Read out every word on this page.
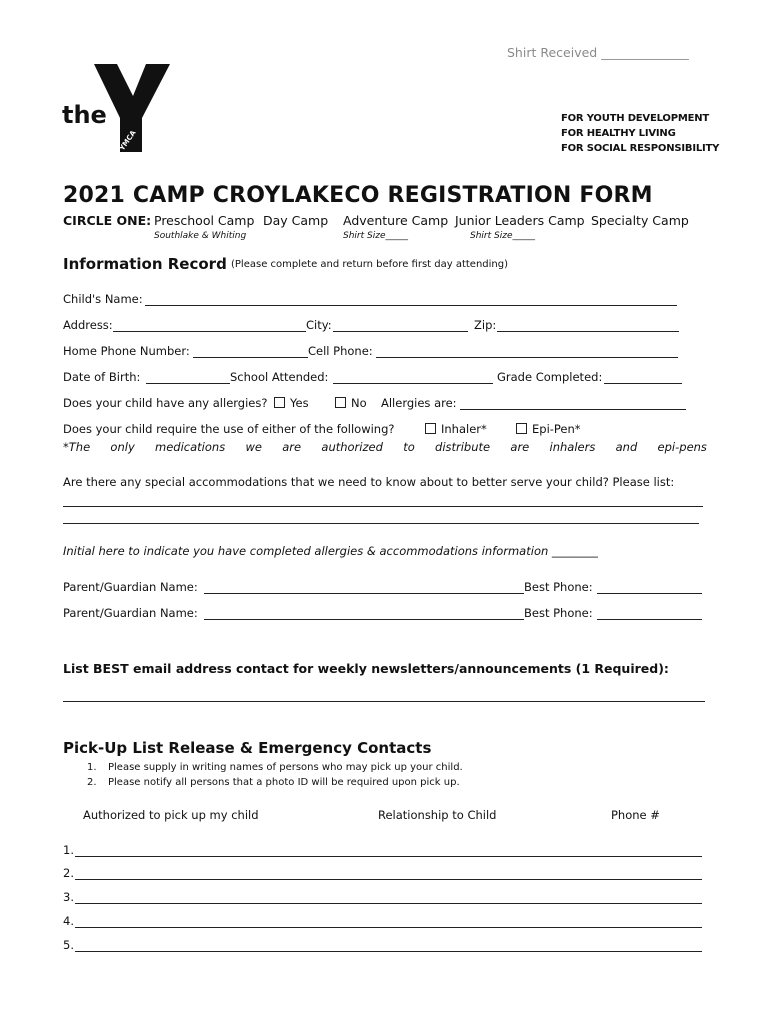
Shirt Received ______________
®
YMCA
the	FOR YOUTH DEVELOPMENT
FOR HEALTHY LIVING
FOR SOCIAL RESPONSIBILITY
2021 CAMP CROYLAKECO REGISTRATION FORM
CIRCLE ONE: Preschool Camp Day Camp Adventure Camp Junior Leaders Camp Specialty Camp
Southlake & Whiting	Shirt Size_____	Shirt Size_____
Information Record (Please complete and return before first day attending)
Child's Name:
Address:	City:	Zip:
Home Phone Number:	Cell Phone:
Date of Birth:	School Attended:	Grade Completed:
Does your child have any allergies?	Yes	No Allergies are:
Does your child require the use of either of the following?	Inhaler*	Epi-Pen*
*The only medications we are authorized to distribute are inhalers and epi-pens
Are there any special accommodations that we need to know about to better serve your child? Please list:
Initial here to indicate you have completed allergies & accommodations information ________
Parent/Guardian Name:	Best Phone:
Parent/Guardian Name:	Best Phone:
List BEST email address contact for weekly newsletters/announcements (1 Required):
Pick-Up List Release & Emergency Contacts
1. Please supply in writing names of persons who may pick up your child.
2. Please notify all persons that a photo ID will be required upon pick up.
Authorized to pick up my child	Relationship to Child	Phone #
1.
2.
3.
4.
5.
